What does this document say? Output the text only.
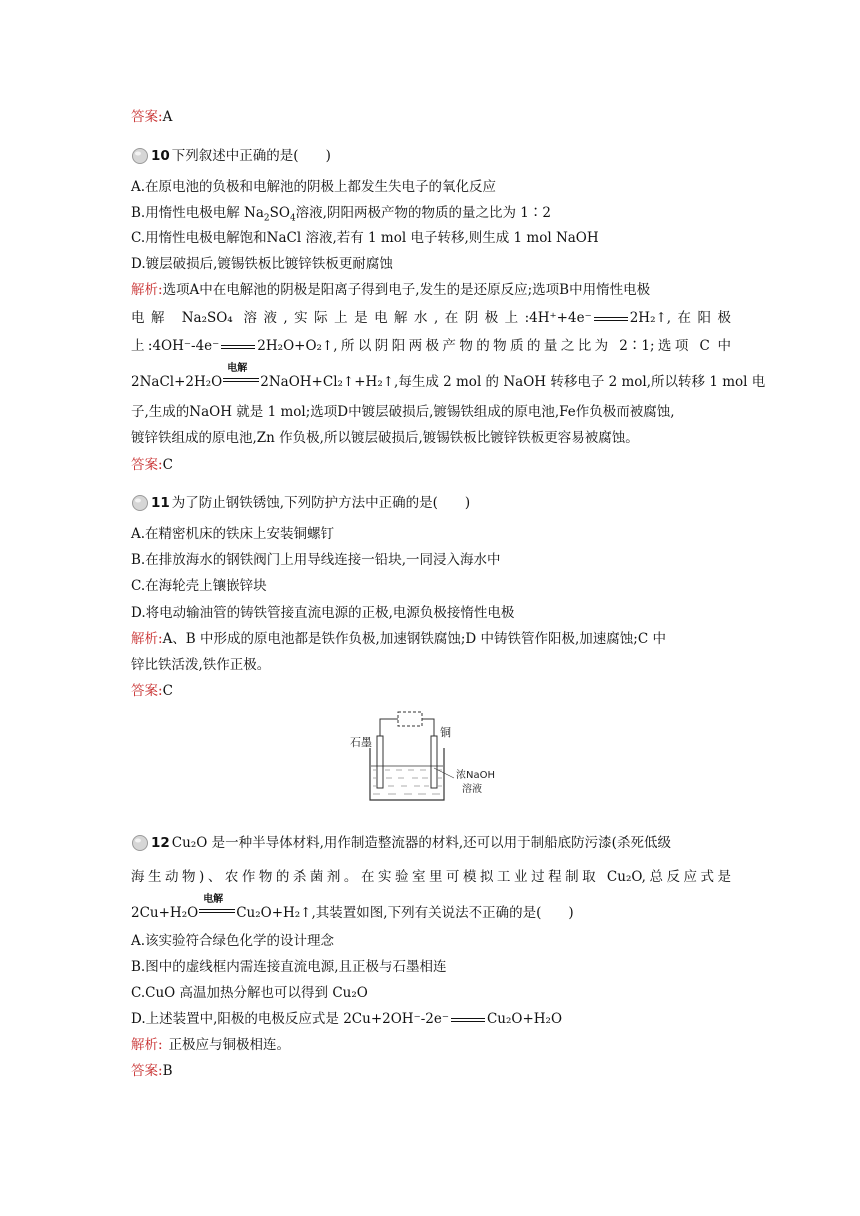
答案:A
10 下列叙述中正确的是(　　)
A.在原电池的负极和电解池的阴极上都发生失电子的氧化反应
B.用惰性电极电解 $Na_2SO_4$溶液,阴阳两极产物的物质的量之比为 1∶2
C.用惰性电极电解饱和NaCl 溶液,若有 1 mol 电子转移,则生成 1 mol NaOH
D.镀层破损后,镀锡铁板比镀锌铁板更耐腐蚀
解析:选项A中在电解池的阴极是阳离子得到电子,发生的是还原反应;选项B中用惰性电极
电解 Na₂SO₄ 溶液,实际上是电解水,在阴极上:4H⁺+4e⁻	2H₂↑,在阳极
上:4OH⁻-4e⁻	2H₂O+O₂↑,所以阴阳两极产物的物质的量之比为 2∶1;选项 C 中
2NaCl+2H₂O
电解
2NaOH+Cl₂↑+H₂↑,每生成 2 mol 的 NaOH 转移电子 2 mol,所以转移 1 mol 电
子,生成的NaOH 就是 1 mol;选项D中镀层破损后,镀锡铁组成的原电池,Fe作负极而被腐蚀,
镀锌铁组成的原电池,Zn 作负极,所以镀层破损后,镀锡铁板比镀锌铁板更容易被腐蚀。
答案:C
11 为了防止钢铁锈蚀,下列防护方法中正确的是(　　)
A.在精密机床的铁床上安装铜螺钉
B.在排放海水的钢铁阀门上用导线连接一铅块,一同浸入海水中
C.在海轮壳上镶嵌锌块
D.将电动输油管的铸铁管接直流电源的正极,电源负极接惰性电极
解析:A、B 中形成的原电池都是铁作负极,加速钢铁腐蚀;D 中铸铁管作阳极,加速腐蚀;C 中
锌比铁活泼,铁作正极。
答案:C
石墨
铜
浓NaOH
溶液
12 Cu₂O 是一种半导体材料,用作制造整流器的材料,还可以用于制船底防污漆(杀死低级
海生动物)、农作物的杀菌剂。在实验室里可模拟工业过程制取 Cu₂O,总反应式是
2Cu+H₂O
电解
Cu₂O+H₂↑,其装置如图,下列有关说法不正确的是(　　)
A.该实验符合绿色化学的设计理念
B.图中的虚线框内需连接直流电源,且正极与石墨相连
C.CuO 高温加热分解也可以得到 Cu₂O
D.上述装置中,阳极的电极反应式是 2Cu+2OH⁻-2e⁻	Cu₂O+H₂O
解析: 正极应与铜极相连。
答案:B
